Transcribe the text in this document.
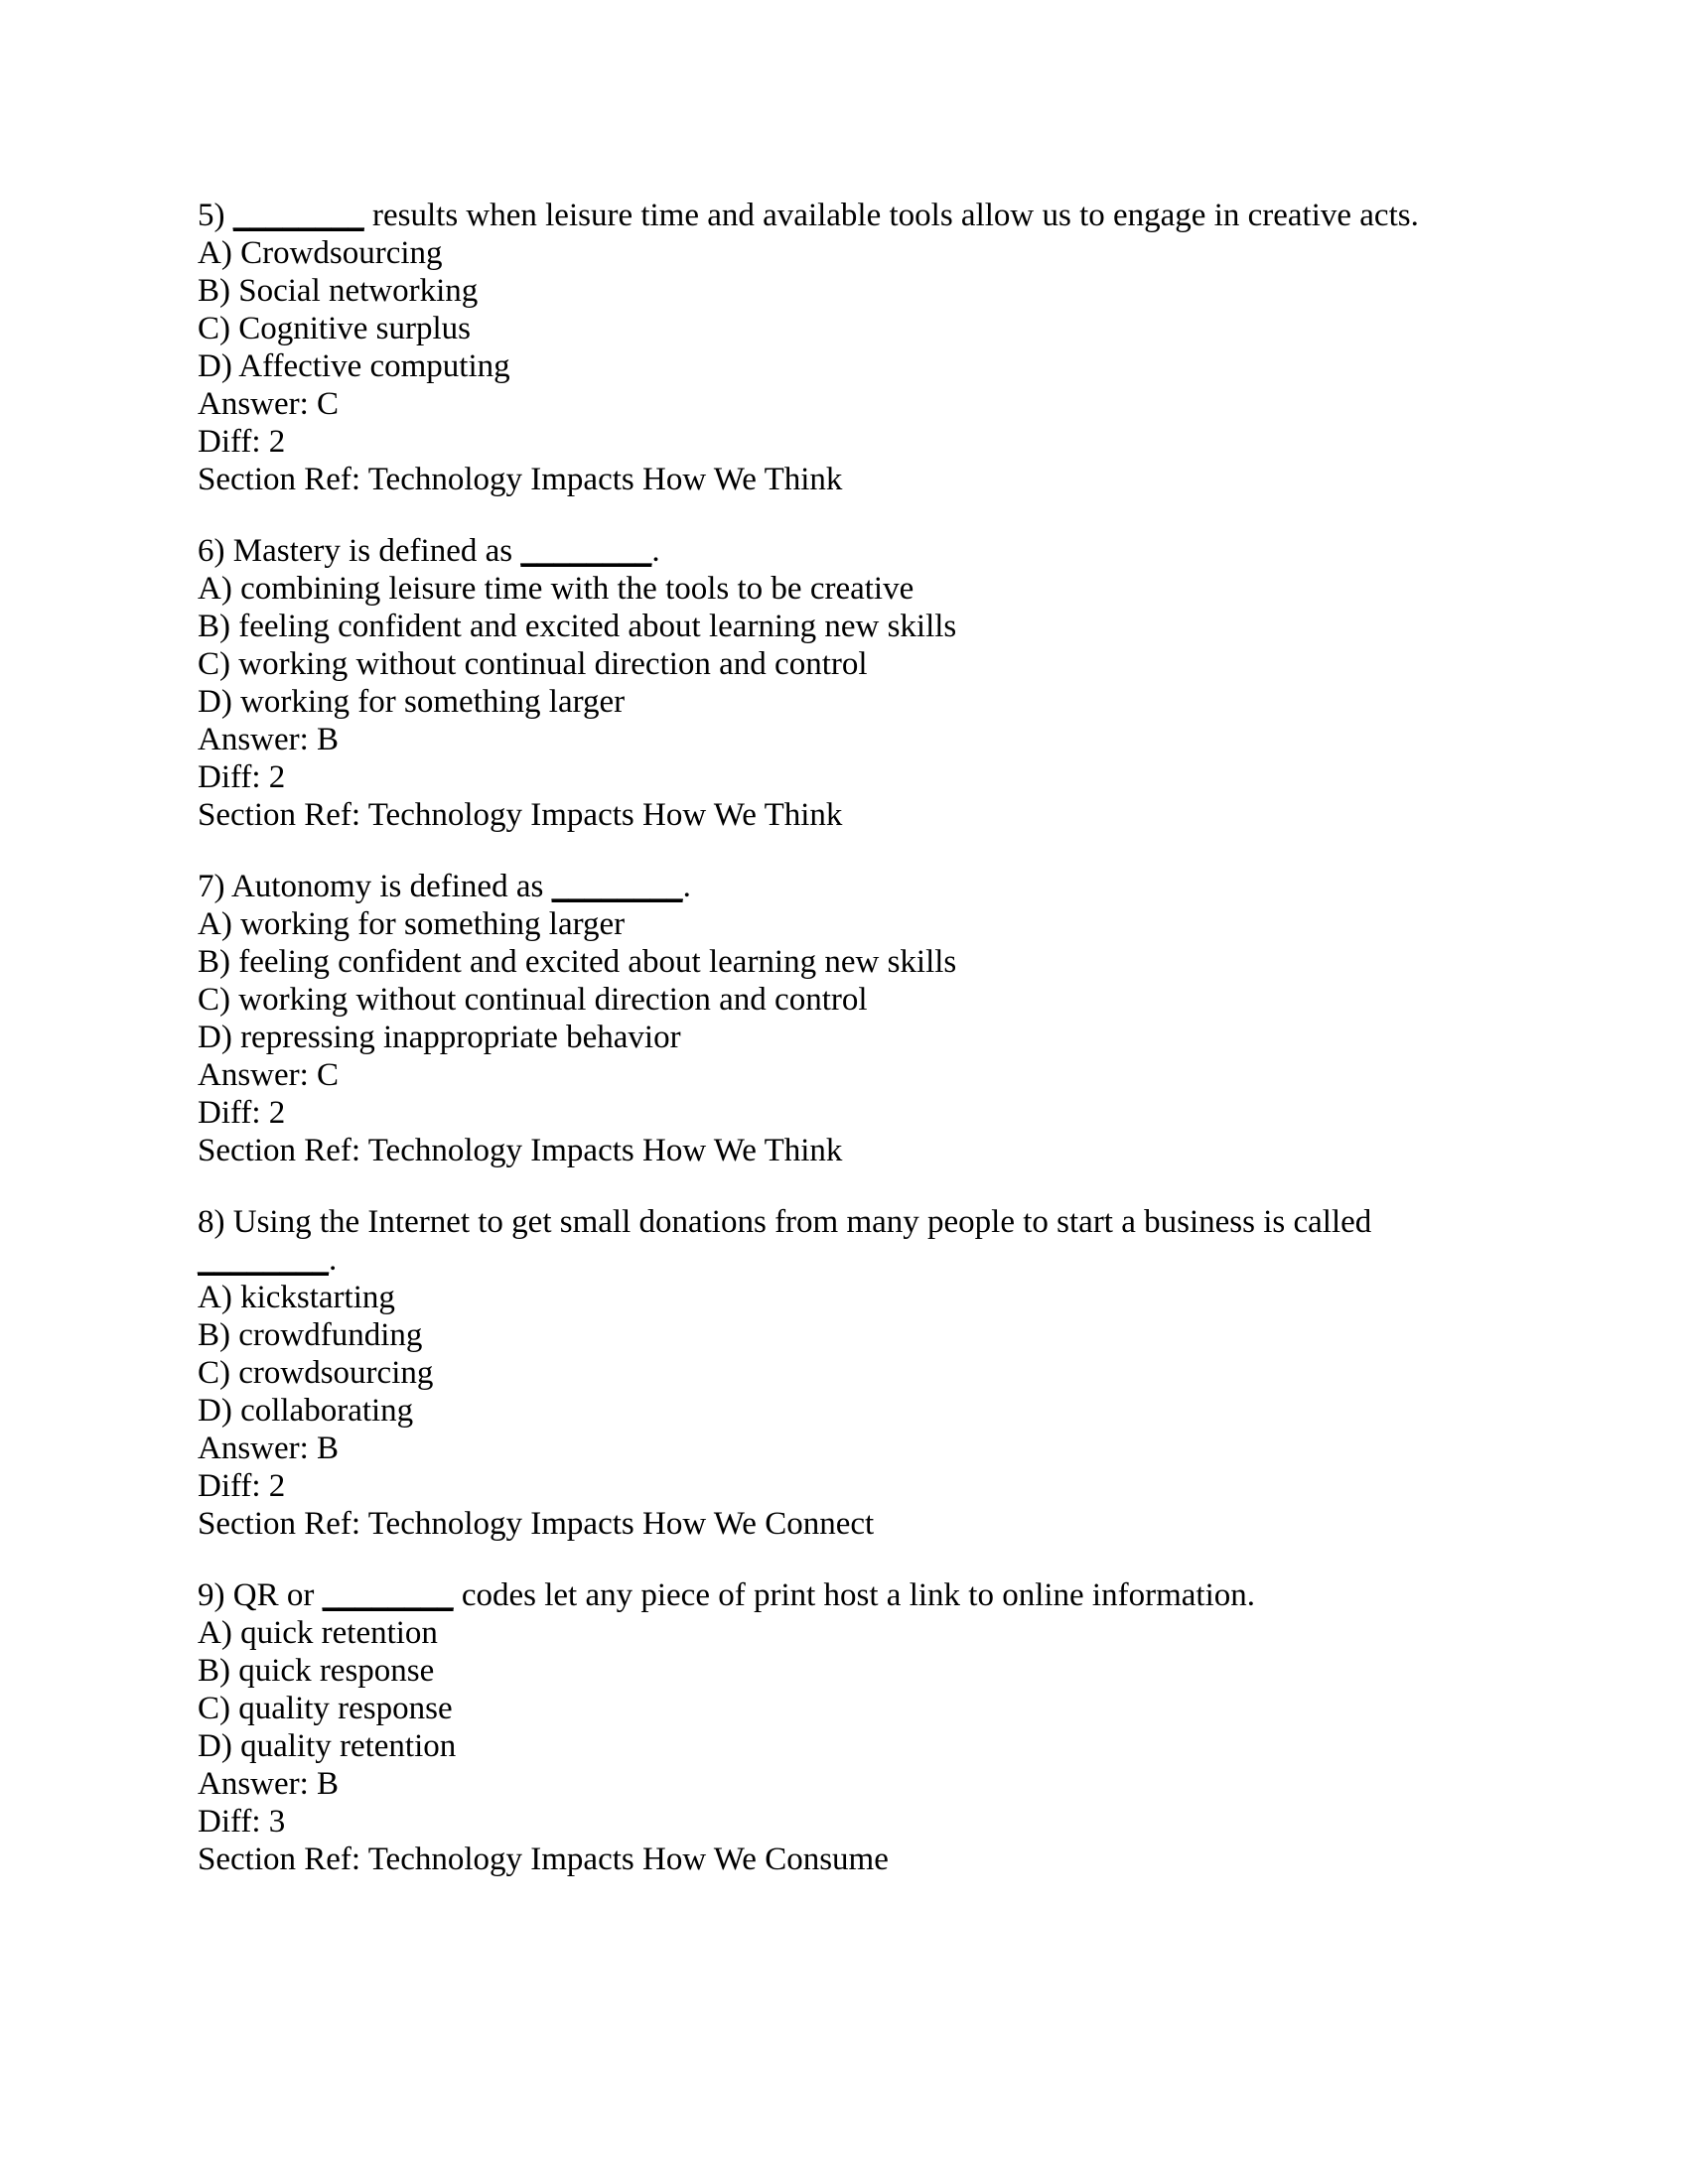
5) ________ results when leisure time and available tools allow us to engage in creative acts.
A) Crowdsourcing
B) Social networking
C) Cognitive surplus
D) Affective computing
Answer: C
Diff: 2
Section Ref: Technology Impacts How We Think
6) Mastery is defined as ________.
A) combining leisure time with the tools to be creative
B) feeling confident and excited about learning new skills
C) working without continual direction and control
D) working for something larger
Answer: B
Diff: 2
Section Ref: Technology Impacts How We Think
7) Autonomy is defined as ________.
A) working for something larger
B) feeling confident and excited about learning new skills
C) working without continual direction and control
D) repressing inappropriate behavior
Answer: C
Diff: 2
Section Ref: Technology Impacts How We Think
8) Using the Internet to get small donations from many people to start a business is called
________.
A) kickstarting
B) crowdfunding
C) crowdsourcing
D) collaborating
Answer: B
Diff: 2
Section Ref: Technology Impacts How We Connect
9) QR or ________ codes let any piece of print host a link to online information.
A) quick retention
B) quick response
C) quality response
D) quality retention
Answer: B
Diff: 3
Section Ref: Technology Impacts How We Consume
